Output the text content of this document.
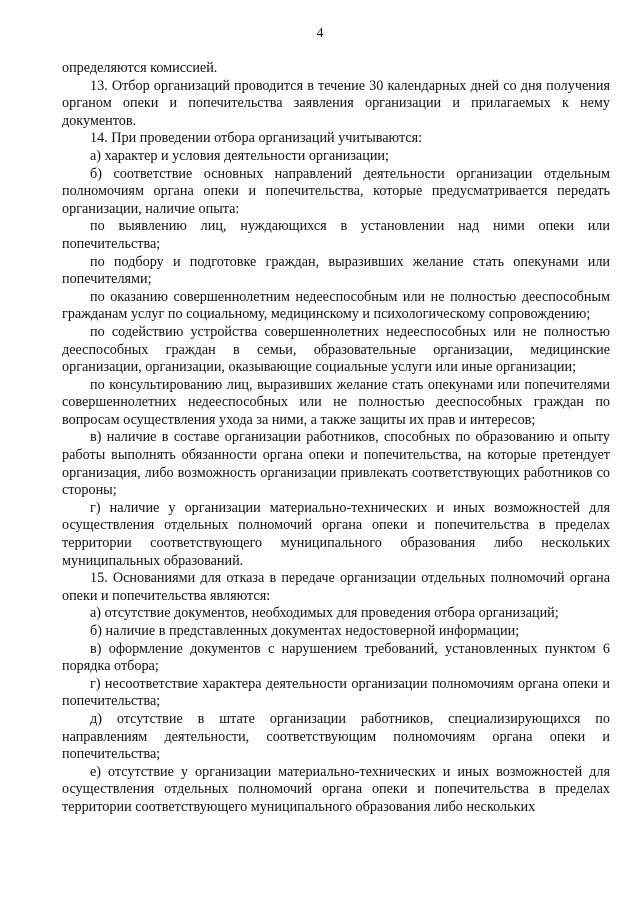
4

определяются комиссией.

13. Отбор организаций проводится в течение 30 календарных дней со дня получения органом опеки и попечительства заявления организации и прилагаемых к нему документов.

14. При проведении отбора организаций учитываются:

а) характер и условия деятельности организации;

б) соответствие основных направлений деятельности организации отдельным полномочиям органа опеки и попечительства, которые предусматривается передать организации, наличие опыта:

по выявлению лиц, нуждающихся в установлении над ними опеки или попечительства;

по подбору и подготовке граждан, выразивших желание стать опекунами или попечителями;

по оказанию совершеннолетним недееспособным или не полностью дееспособным гражданам услуг по социальному, медицинскому и психологическому сопровождению;

по содействию устройства совершеннолетних недееспособных или не полностью дееспособных граждан в семьи, образовательные организации, медицинские организации, организации, оказывающие социальные услуги или иные организации;

по консультированию лиц, выразивших желание стать опекунами или попечителями совершеннолетних недееспособных или не полностью дееспособных граждан по вопросам осуществления ухода за ними, а также защиты их прав и интересов;

в) наличие в составе организации работников, способных по образованию и опыту работы выполнять обязанности органа опеки и попечительства, на которые претендует организация, либо возможность организации привлекать соответствующих работников со стороны;

г) наличие у организации материально-технических и иных возможностей для осуществления отдельных полномочий органа опеки и попечительства в пределах территории соответствующего муниципального образования либо нескольких муниципальных образований.

15. Основаниями для отказа в передаче организации отдельных полномочий органа опеки и попечительства являются:

а) отсутствие документов, необходимых для проведения отбора организаций;

б) наличие в представленных документах недостоверной информации;

в) оформление документов с нарушением требований, установленных пунктом 6 порядка отбора;

г) несоответствие характера деятельности организации полномочиям органа опеки и попечительства;

д) отсутствие в штате организации работников, специализирующихся по направлениям деятельности, соответствующим полномочиям органа опеки и попечительства;

е) отсутствие у организации материально-технических и иных возможностей для осуществления отдельных полномочий органа опеки и попечительства в пределах территории соответствующего муниципального образования либо нескольких
